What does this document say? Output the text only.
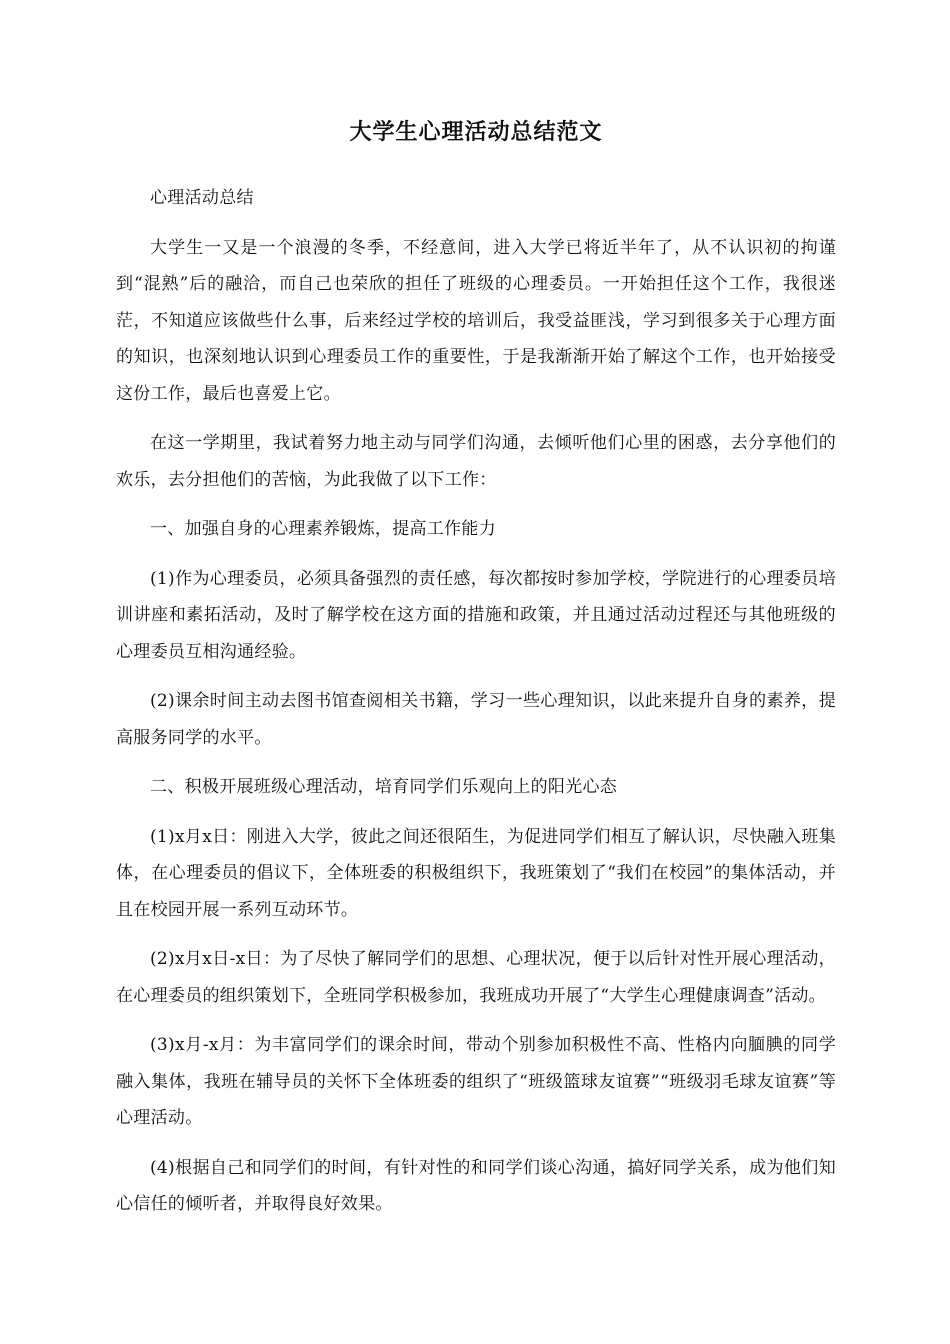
大学生心理活动总结范文

心理活动总结

大学生一又是一个浪漫的冬季，不经意间，进入大学已将近半年了，从不认识初的拘谨到“混熟”后的融洽，而自己也荣欣的担任了班级的心理委员。一开始担任这个工作，我很迷茫，不知道应该做些什么事，后来经过学校的培训后，我受益匪浅，学习到很多关于心理方面的知识，也深刻地认识到心理委员工作的重要性，于是我渐渐开始了解这个工作，也开始接受这份工作，最后也喜爱上它。

在这一学期里，我试着努力地主动与同学们沟通，去倾听他们心里的困惑，去分享他们的欢乐，去分担他们的苦恼，为此我做了以下工作：

一、加强自身的心理素养锻炼，提高工作能力

(1)作为心理委员，必须具备强烈的责任感，每次都按时参加学校，学院进行的心理委员培训讲座和素拓活动，及时了解学校在这方面的措施和政策，并且通过活动过程还与其他班级的心理委员互相沟通经验。

(2)课余时间主动去图书馆查阅相关书籍，学习一些心理知识，以此来提升自身的素养，提高服务同学的水平。

二、积极开展班级心理活动，培育同学们乐观向上的阳光心态

(1)x月x日：刚进入大学，彼此之间还很陌生，为促进同学们相互了解认识，尽快融入班集体，在心理委员的倡议下，全体班委的积极组织下，我班策划了“我们在校园”的集体活动，并且在校园开展一系列互动环节。

(2)x月x日-x日：为了尽快了解同学们的思想、心理状况，便于以后针对性开展心理活动，在心理委员的组织策划下，全班同学积极参加，我班成功开展了“大学生心理健康调查”活动。

(3)x月-x月：为丰富同学们的课余时间，带动个别参加积极性不高、性格内向腼腆的同学融入集体，我班在辅导员的关怀下全体班委的组织了“班级篮球友谊赛”“班级羽毛球友谊赛”等心理活动。

(4)根据自己和同学们的时间，有针对性的和同学们谈心沟通，搞好同学关系，成为他们知心信任的倾听者，并取得良好效果。
